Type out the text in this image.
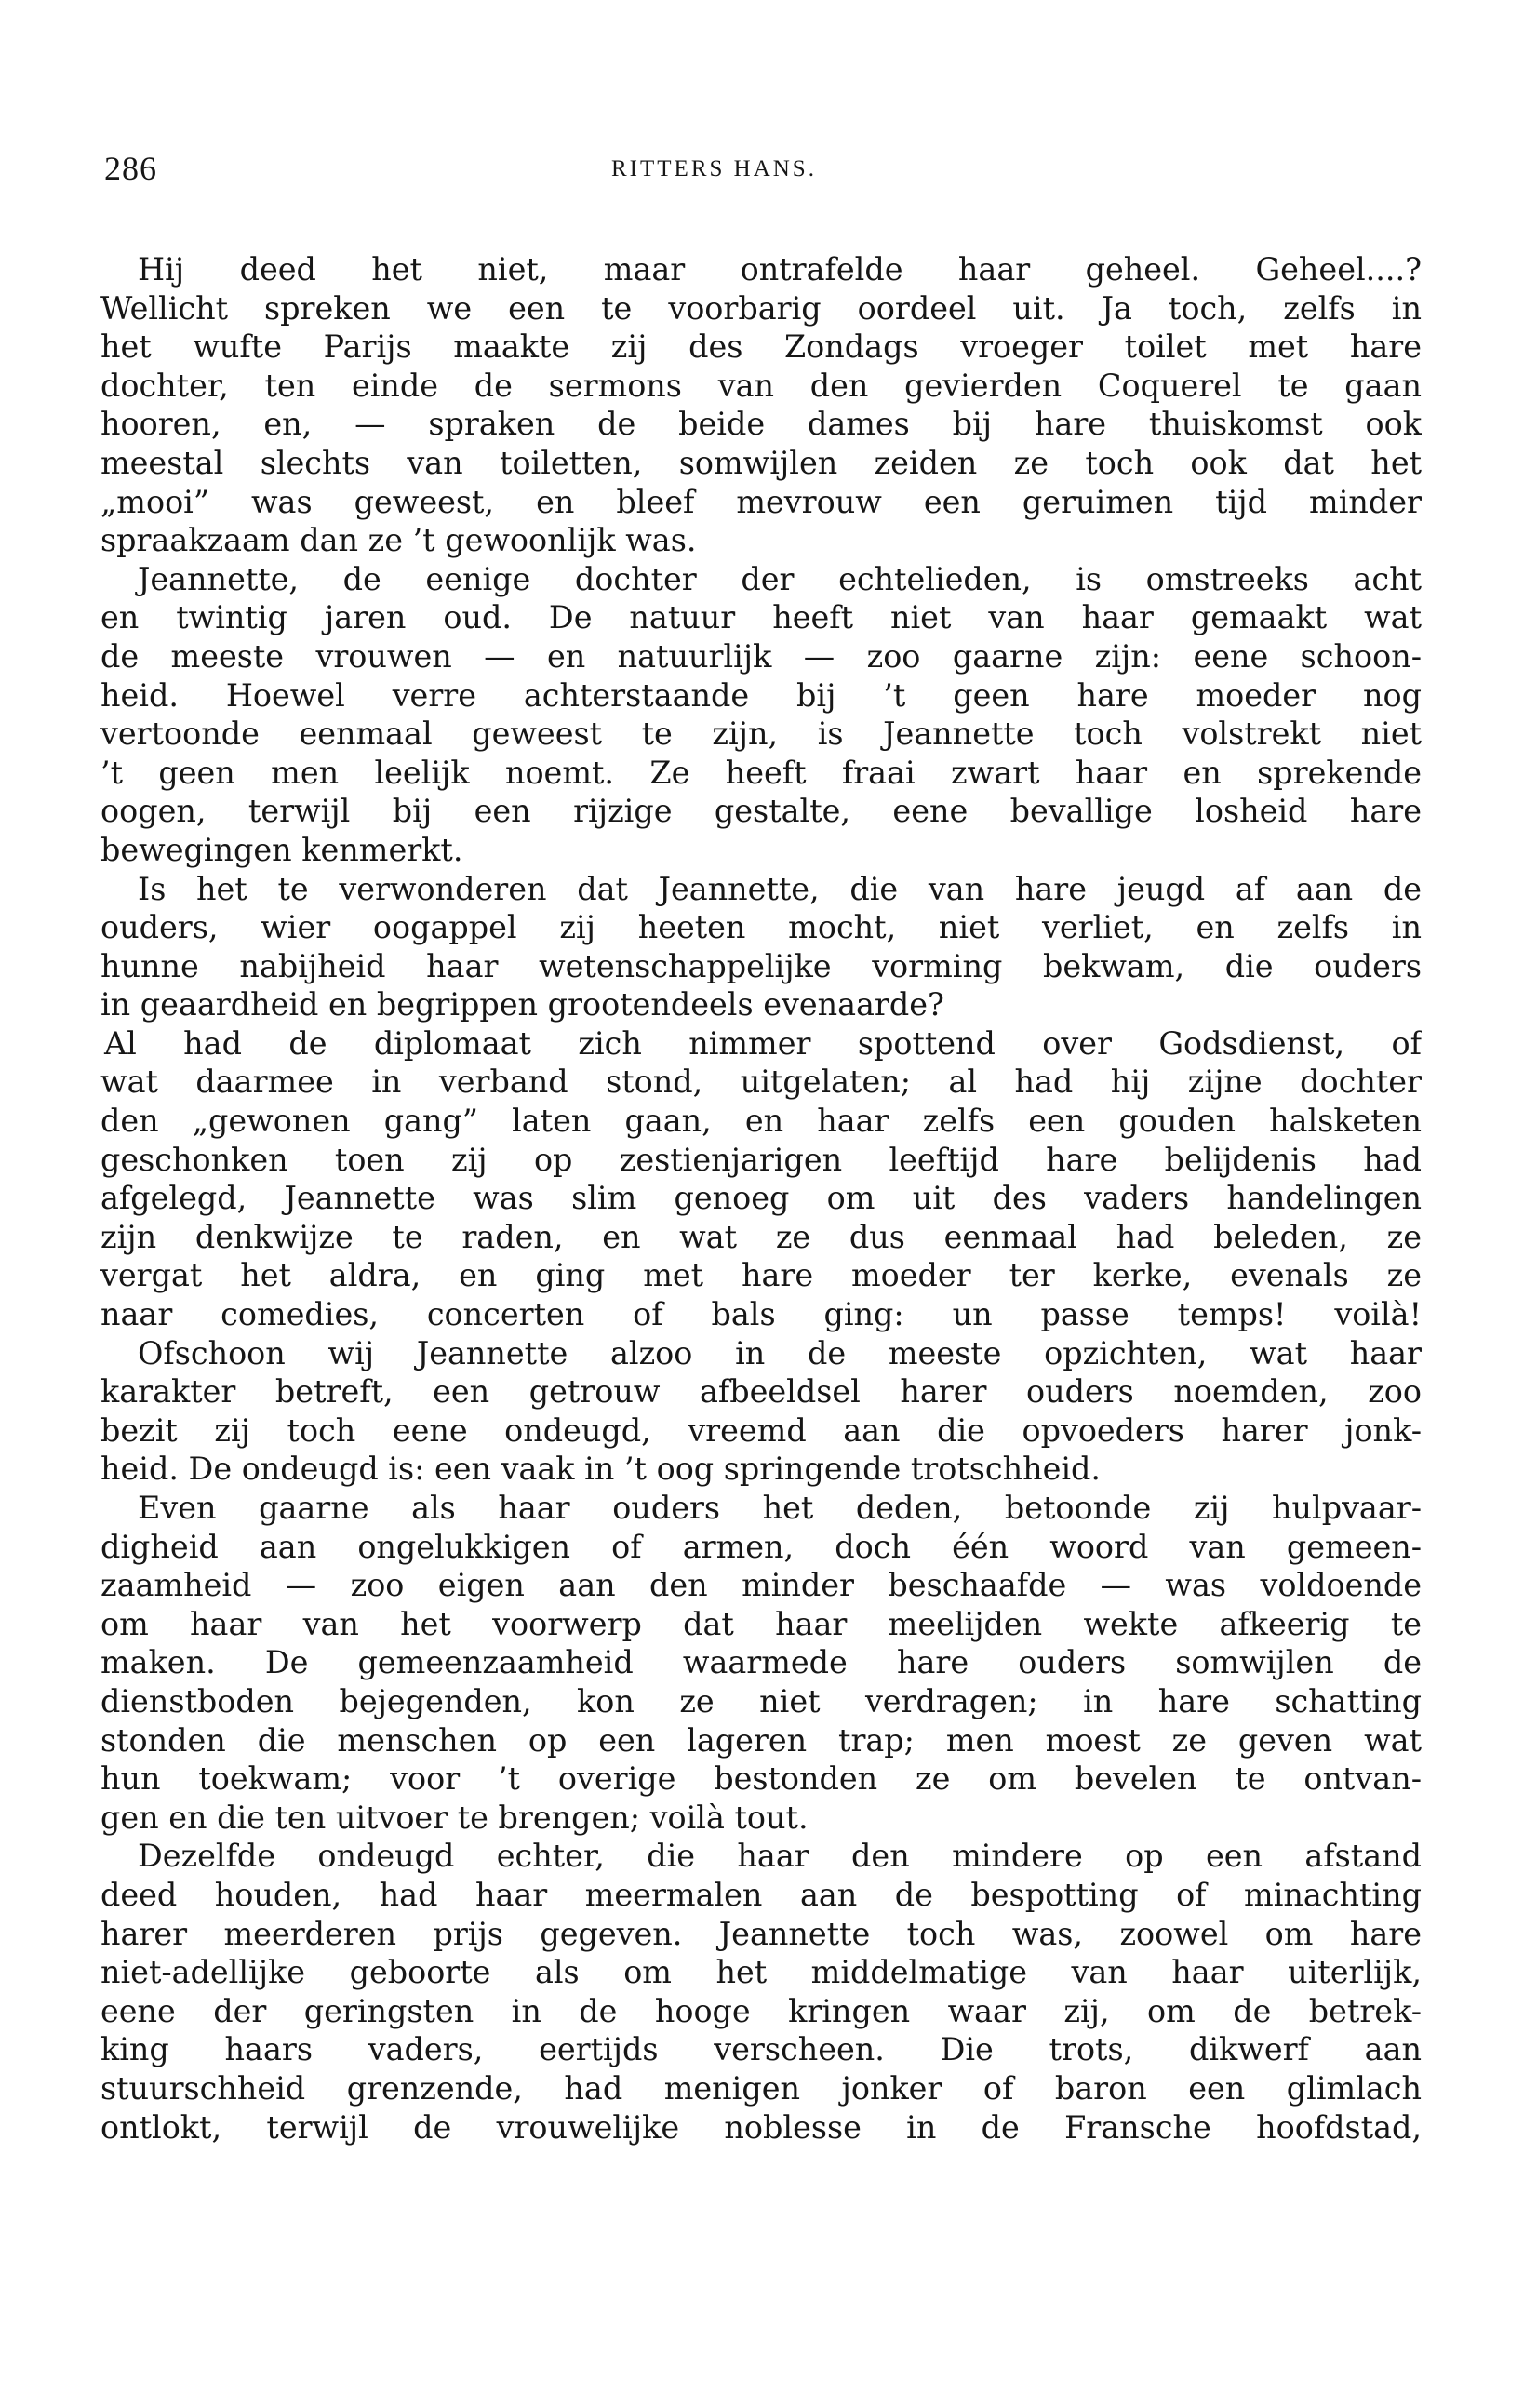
286	RITTERS HANS.
Hij deed het niet, maar ontrafelde haar geheel. Geheel....?
Wellicht spreken we een te voorbarig oordeel uit. Ja toch, zelfs in
het wufte Parijs maakte zij des Zondags vroeger toilet met hare
dochter, ten einde de sermons van den gevierden Coquerel te gaan
hooren, en, — spraken de beide dames bij hare thuiskomst ook
meestal slechts van toiletten, somwijlen zeiden ze toch ook dat het
„mooi” was geweest, en bleef mevrouw een geruimen tijd minder
spraakzaam dan ze ’t gewoonlijk was.
Jeannette, de eenige dochter der echtelieden, is omstreeks acht
en twintig jaren oud. De natuur heeft niet van haar gemaakt wat
de meeste vrouwen — en natuurlijk — zoo gaarne zijn: eene schoon-
heid. Hoewel verre achterstaande bij ’t geen hare moeder nog
vertoonde eenmaal geweest te zijn, is Jeannette toch volstrekt niet
’t geen men leelijk noemt. Ze heeft fraai zwart haar en sprekende
oogen, terwijl bij een rijzige gestalte, eene bevallige losheid hare
bewegingen kenmerkt.
Is het te verwonderen dat Jeannette, die van hare jeugd af aan de
ouders, wier oogappel zij heeten mocht, niet verliet, en zelfs in
hunne nabijheid haar wetenschappelijke vorming bekwam, die ouders
in geaardheid en begrippen grootendeels evenaarde?
Al had de diplomaat zich nimmer spottend over Godsdienst, of
wat daarmee in verband stond, uitgelaten; al had hij zijne dochter
den „gewonen gang” laten gaan, en haar zelfs een gouden halsketen
geschonken toen zij op zestienjarigen leeftijd hare belijdenis had
afgelegd, Jeannette was slim genoeg om uit des vaders handelingen
zijn denkwijze te raden, en wat ze dus eenmaal had beleden, ze
vergat het aldra, en ging met hare moeder ter kerke, evenals ze
naar comedies, concerten of bals ging: un passe temps! voilà!
Ofschoon wij Jeannette alzoo in de meeste opzichten, wat haar
karakter betreft, een getrouw afbeeldsel harer ouders noemden, zoo
bezit zij toch eene ondeugd, vreemd aan die opvoeders harer jonk-
heid. De ondeugd is: een vaak in ’t oog springende trotschheid.
Even gaarne als haar ouders het deden, betoonde zij hulpvaar-
digheid aan ongelukkigen of armen, doch één woord van gemeen-
zaamheid — zoo eigen aan den minder beschaafde — was voldoende
om haar van het voorwerp dat haar meelijden wekte afkeerig te
maken. De gemeenzaamheid waarmede hare ouders somwijlen de
dienstboden bejegenden, kon ze niet verdragen; in hare schatting
stonden die menschen op een lageren trap; men moest ze geven wat
hun toekwam; voor ’t overige bestonden ze om bevelen te ontvan-
gen en die ten uitvoer te brengen; voilà tout.
Dezelfde ondeugd echter, die haar den mindere op een afstand
deed houden, had haar meermalen aan de bespotting of minachting
harer meerderen prijs gegeven. Jeannette toch was, zoowel om hare
niet-adellijke geboorte als om het middelmatige van haar uiterlijk,
eene der geringsten in de hooge kringen waar zij, om de betrek-
king haars vaders, eertijds verscheen. Die trots, dikwerf aan
stuurschheid grenzende, had menigen jonker of baron een glimlach
ontlokt, terwijl de vrouwelijke noblesse in de Fransche hoofdstad,
